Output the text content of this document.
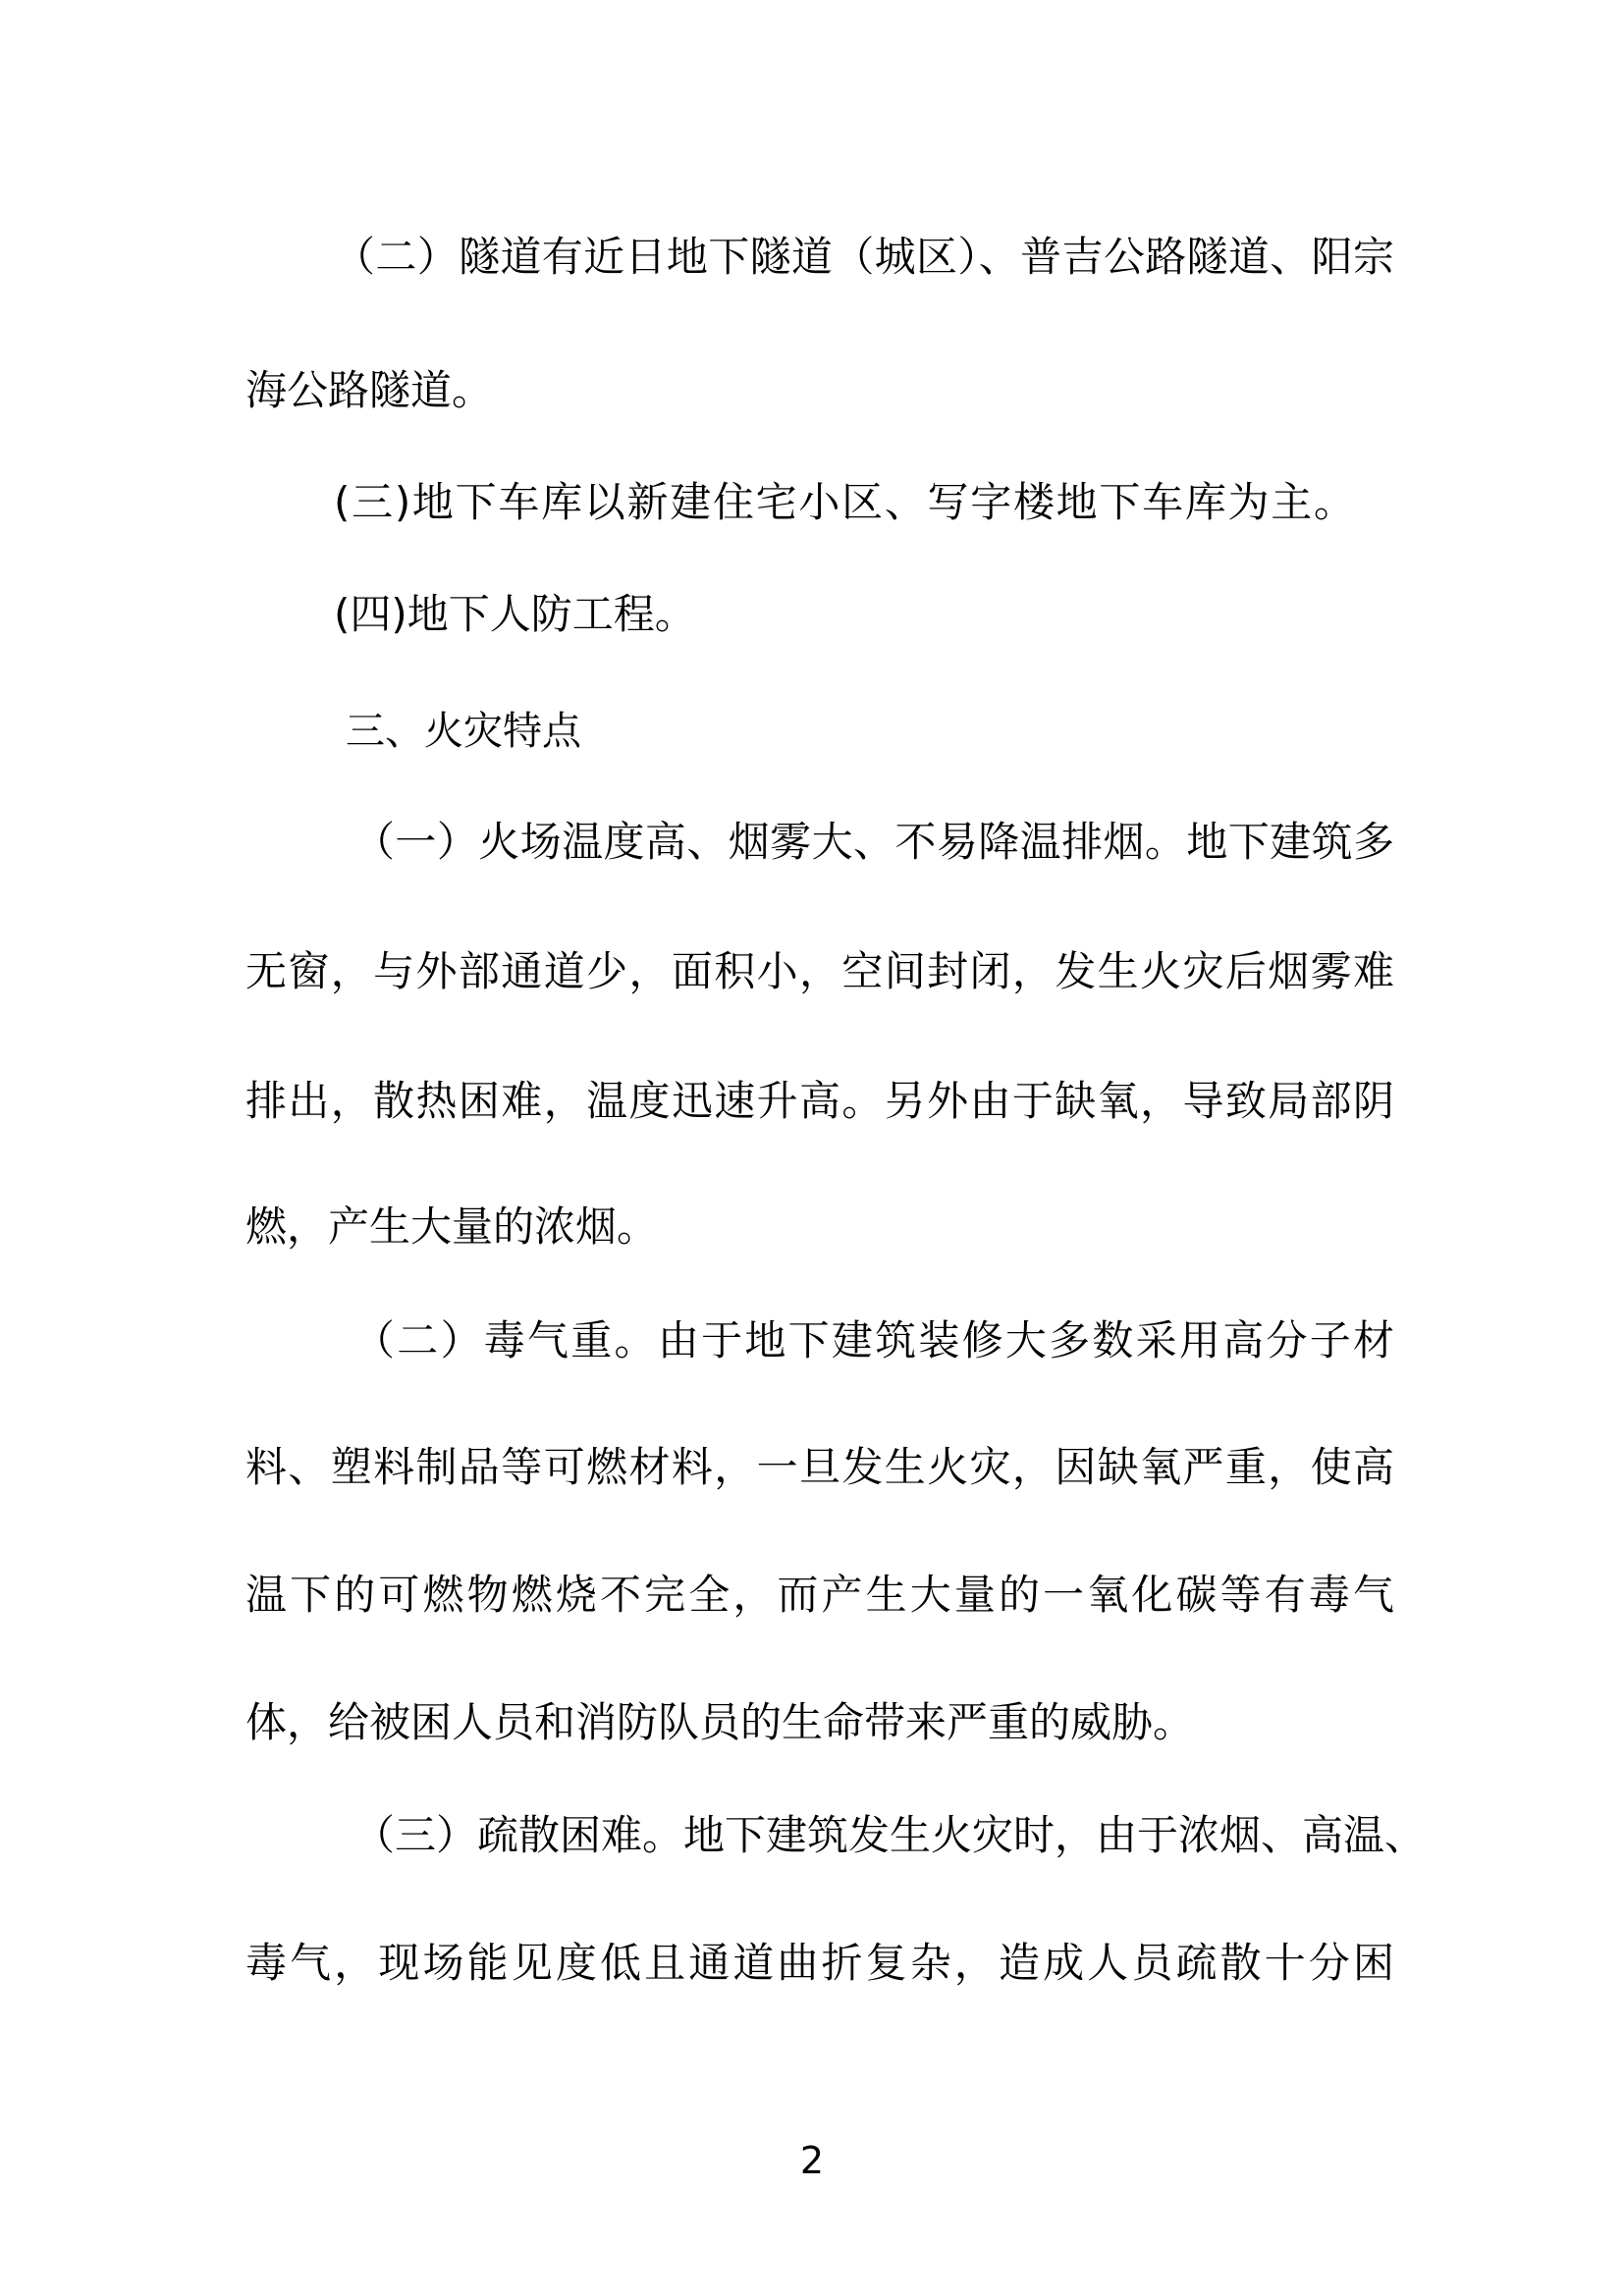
（二）隧道有近日地下隧道（城区）、普吉公路隧道、阳宗
海公路隧道。
(三)地下车库以新建住宅小区、写字楼地下车库为主。
(四)地下人防工程。
三、火灾特点
（一）火场温度高、烟雾大、不易降温排烟。地下建筑多
无窗，与外部通道少，面积小，空间封闭，发生火灾后烟雾难
排出，散热困难，温度迅速升高。另外由于缺氧，导致局部阴
燃，产生大量的浓烟。
（二）毒气重。由于地下建筑装修大多数采用高分子材
料、塑料制品等可燃材料，一旦发生火灾，因缺氧严重，使高
温下的可燃物燃烧不完全，而产生大量的一氧化碳等有毒气
体，给被困人员和消防队员的生命带来严重的威胁。
（三）疏散困难。地下建筑发生火灾时，由于浓烟、高温、
毒气，现场能见度低且通道曲折复杂，造成人员疏散十分困
2
